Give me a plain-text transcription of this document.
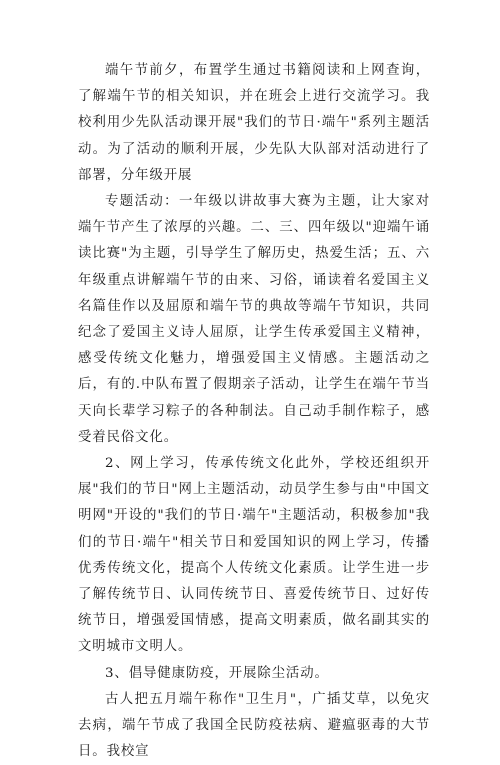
端午节前夕，布置学生通过书籍阅读和上网查询，了解端午节的相关知识，并在班会上进行交流学习。我校利用少先队活动课开展"我们的节日·端午"系列主题活动。为了活动的顺利开展，少先队大队部对活动进行了部署，分年级开展

专题活动：一年级以讲故事大赛为主题，让大家对端午节产生了浓厚的兴趣。二、三、四年级以"迎端午诵读比赛"为主题，引导学生了解历史，热爱生活；五、六年级重点讲解端午节的由来、习俗，诵读着名爱国主义名篇佳作以及屈原和端午节的典故等端午节知识，共同纪念了爱国主义诗人屈原，让学生传承爱国主义精神，感受传统文化魅力，增强爱国主义情感。主题活动之后，有的.中队布置了假期亲子活动，让学生在端午节当天向长辈学习粽子的各种制法。自己动手制作粽子，感受着民俗文化。

2、网上学习，传承传统文化此外，学校还组织开展"我们的节日"网上主题活动，动员学生参与由"中国文明网"开设的"我们的节日·端午"主题活动，积极参加"我们的节日·端午"相关节日和爱国知识的网上学习，传播优秀传统文化，提高个人传统文化素质。让学生进一步了解传统节日、认同传统节日、喜爱传统节日、过好传统节日，增强爱国情感，提高文明素质，做名副其实的文明城市文明人。

3、倡导健康防疫，开展除尘活动。

古人把五月端午称作"卫生月"，广插艾草，以免灾去病，端午节成了我国全民防疫祛病、避瘟驱毒的大节日。我校宣
